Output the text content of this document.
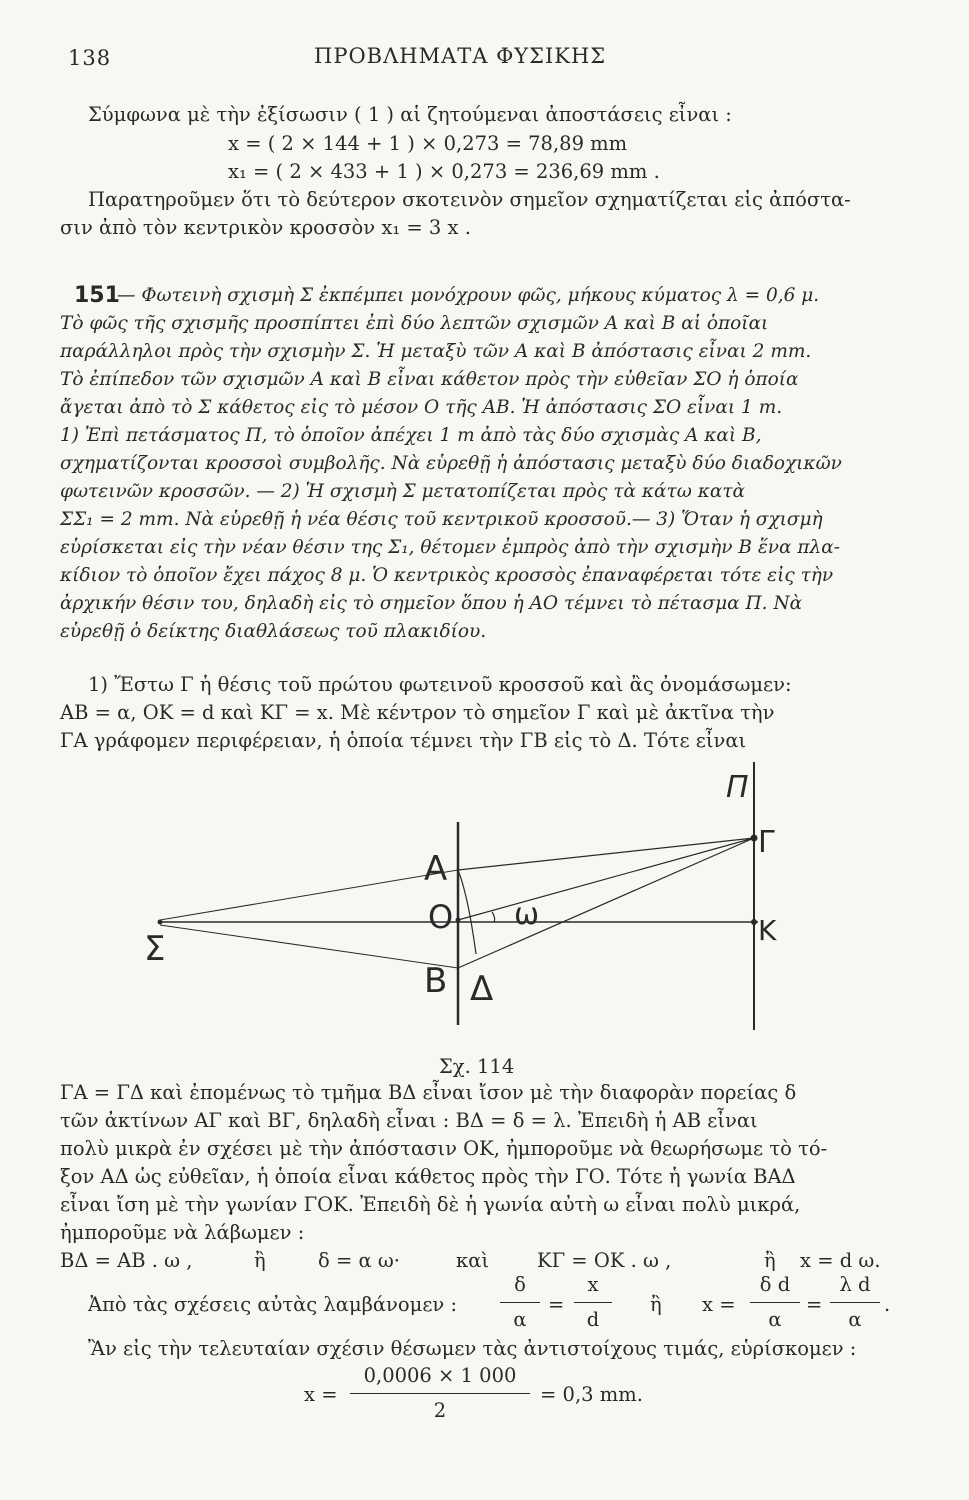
138	ΠΡΟΒΛΗΜΑΤΑ ΦΥΣΙΚΗΣ
Σύμφωνα μὲ τὴν ἐξίσωσιν ( 1 ) αἱ ζητούμεναι ἀποστάσεις εἶναι :
x = ( 2 × 144 + 1 ) × 0,273 = 78,89 mm
x₁ = ( 2 × 433 + 1 ) × 0,273 = 236,69 mm .
Παρατηροῦμεν ὅτι τὸ δεύτερον σκοτεινὸν σημεῖον σχηματίζεται εἰς ἀπόστα-
σιν ἀπὸ τὸν κεντρικὸν κροσσὸν x₁ = 3 x .
151
— Φωτεινὴ σχισμὴ Σ ἐκπέμπει μονόχρουν φῶς, μήκους κύματος λ = 0,6 μ.
Τὸ φῶς τῆς σχισμῆς προσπίπτει ἐπὶ δύο λεπτῶν σχισμῶν Α καὶ Β αἱ ὁποῖαι
παράλληλοι πρὸς τὴν σχισμὴν Σ. Ἡ μεταξὺ τῶν Α καὶ Β ἀπόστασις εἶναι 2 mm.
Τὸ ἐπίπεδον τῶν σχισμῶν Α καὶ Β εἶναι κάθετον πρὸς τὴν εὐθεῖαν ΣΟ ἡ ὁποία
ἄγεται ἀπὸ τὸ Σ κάθετος εἰς τὸ μέσον Ο τῆς ΑΒ. Ἡ ἀπόστασις ΣΟ εἶναι 1 m.
1) Ἐπὶ πετάσματος Π, τὸ ὁποῖον ἀπέχει 1 m ἀπὸ τὰς δύο σχισμὰς Α καὶ Β,
σχηματίζονται κροσσοὶ συμβολῆς. Νὰ εὑρεθῇ ἡ ἀπόστασις μεταξὺ δύο διαδοχικῶν
φωτεινῶν κροσσῶν. — 2) Ἡ σχισμὴ Σ μετατοπίζεται πρὸς τὰ κάτω κατὰ
ΣΣ₁ = 2 mm. Νὰ εὑρεθῇ ἡ νέα θέσις τοῦ κεντρικοῦ κροσσοῦ.— 3) Ὅταν ἡ σχισμὴ
εὑρίσκεται εἰς τὴν νέαν θέσιν της Σ₁, θέτομεν ἐμπρὸς ἀπὸ τὴν σχισμὴν Β ἕνα πλα-
κίδιον τὸ ὁποῖον ἔχει πάχος 8 μ. Ὁ κεντρικὸς κροσσὸς ἐπαναφέρεται τότε εἰς τὴν
ἀρχικήν θέσιν του, δηλαδὴ εἰς τὸ σημεῖον ὅπου ἡ ΑΟ τέμνει τὸ πέτασμα Π. Νὰ
εὑρεθῇ ὁ δείκτης διαθλάσεως τοῦ πλακιδίου.
1) Ἔστω Γ ἡ θέσις τοῦ πρώτου φωτεινοῦ κροσσοῦ καὶ ἂς ὀνομάσωμεν:
ΑΒ = α, ΟΚ = d καὶ ΚΓ = x. Μὲ κέντρον τὸ σημεῖον Γ καὶ μὲ ἀκτῖνα τὴν
ΓΑ γράφομεν περιφέρειαν, ἡ ὁποία τέμνει τὴν ΓΒ εἰς τὸ Δ. Τότε εἶναι
Π
Γ
K
Α
O
Β Δ
ω
Σ
Σχ. 114
ΓΑ = ΓΔ καὶ ἐπομένως τὸ τμῆμα ΒΔ εἶναι ἴσον μὲ τὴν διαφορὰν πορείας δ
τῶν ἀκτίνων ΑΓ καὶ ΒΓ, δηλαδὴ εἶναι : ΒΔ = δ = λ. Ἐπειδὴ ἡ ΑΒ εἶναι
πολὺ μικρὰ ἐν σχέσει μὲ τὴν ἀπόστασιν ΟΚ, ἠμποροῦμε νὰ θεωρήσωμε τὸ τό-
ξον ΑΔ ὡς εὐθεῖαν, ἡ ὁποία εἶναι κάθετος πρὸς τὴν ΓΟ. Τότε ἡ γωνία ΒΑΔ
εἶναι ἴση μὲ τὴν γωνίαν ΓΟΚ. Ἐπειδὴ δὲ ἡ γωνία αὐτὴ ω εἶναι πολὺ μικρά,
ἠμποροῦμε νὰ λάβωμεν :
ΒΔ = ΑΒ . ω ,	ἢ	δ = α ω·	καὶ ΚΓ = ΟΚ . ω ,	ἢ x = d ω.
Ἀπὸ τὰς σχέσεις αὐτὰς λαμβάνομεν :
δ
α
=
x
d
ἢ x =
δ d
α
=
λ d
α
.
Ἂν εἰς τὴν τελευταίαν σχέσιν θέσωμεν τὰς ἀντιστοίχους τιμάς, εὑρίσκομεν :
x =
0,0006 × 1 000
2
= 0,3 mm.
